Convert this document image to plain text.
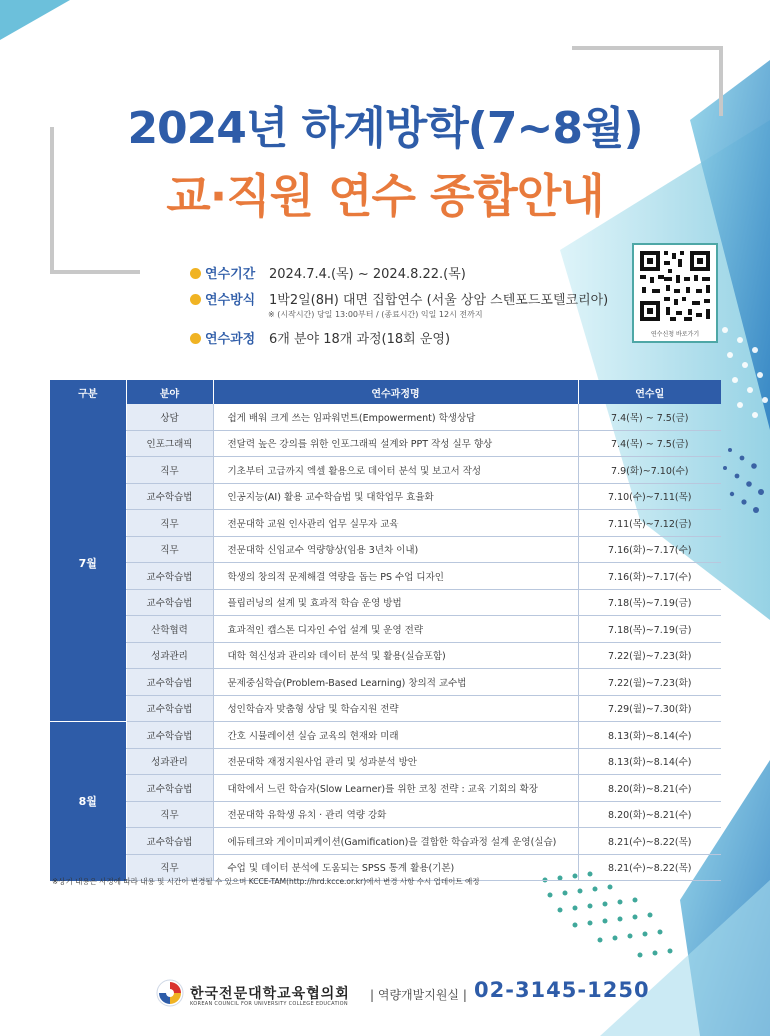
2024년 하계방학(7~8월)
교·직원 연수 종합안내
연수기간 2024.7.4.(목) ~ 2024.8.22.(목)
연수방식 1박2일(8H) 대면 집합연수 (서울 상암 스텐포드포텔코리아)
※ (시작시간) 당일 13:00부터 / (종료시간) 익일 12시 전까지
연수과정 6개 분야 18개 과정(18회 운영)	연수신청 바로가기
구분	분야	연수과정명	연수일
7월	상담	쉽게 배워 크게 쓰는 임파워먼트(Empowerment) 학생상담	7.4(목) ~ 7.5(금)
	인포그래픽	전달력 높은 강의를 위한 인포그래픽 설계와 PPT 작성 실무 향상	7.4(목) ~ 7.5(금)
	직무	기초부터 고급까지 엑셀 활용으로 데이터 분석 및 보고서 작성	7.9(화)~7.10(수)
	교수학습법	인공지능(AI) 활용 교수학습법 및 대학업무 효율화	7.10(수)~7.11(목)
	직무	전문대학 교원 인사관리 업무 실무자 교육	7.11(목)~7.12(금)
	직무	전문대학 신임교수 역량향상(임용 3년차 이내)	7.16(화)~7.17(수)
	교수학습법	학생의 창의적 문제해결 역량을 돕는 PS 수업 디자인	7.16(화)~7.17(수)
	교수학습법	플립러닝의 설계 및 효과적 학습 운영 방법	7.18(목)~7.19(금)
	산학협력	효과적인 캡스톤 디자인 수업 설계 및 운영 전략	7.18(목)~7.19(금)
	성과관리	대학 혁신성과 관리와 데이터 분석 및 활용(실습포함)	7.22(월)~7.23(화)
	교수학습법	문제중심학습(Problem-Based Learning) 창의적 교수법	7.22(월)~7.23(화)
	교수학습법	성인학습자 맞춤형 상담 및 학습지원 전략	7.29(월)~7.30(화)
8월	교수학습법	간호 시뮬레이션 실습 교육의 현재와 미래	8.13(화)~8.14(수)
	성과관리	전문대학 재정지원사업 관리 및 성과분석 방안	8.13(화)~8.14(수)
	교수학습법	대학에서 느린 학습자(Slow Learner)를 위한 코칭 전략 : 교육 기회의 확장	8.20(화)~8.21(수)
	직무	전문대학 유학생 유치 · 관리 역량 강화	8.20(화)~8.21(수)
	교수학습법	에듀테크와 게이미피케이션(Gamification)을 결합한 학습과정 설계 운영(실습)	8.21(수)~8.22(목)
	직무	수업 및 데이터 분석에 도움되는 SPSS 통계 활용(기본)	8.21(수)~8.22(목)
※상기 내용은 사정에 따라 내용 및 시간이 변경될 수 있으며 KCCE-TAM(http://hrd.kcce.or.kr)에서 변경 사항 수시 업데이트 예정
한국전문대학교육협의회
KOREAN COUNCIL FOR UNIVERSITY COLLEGE EDUCATION
| 역량개발지원실 | 02-3145-1250
